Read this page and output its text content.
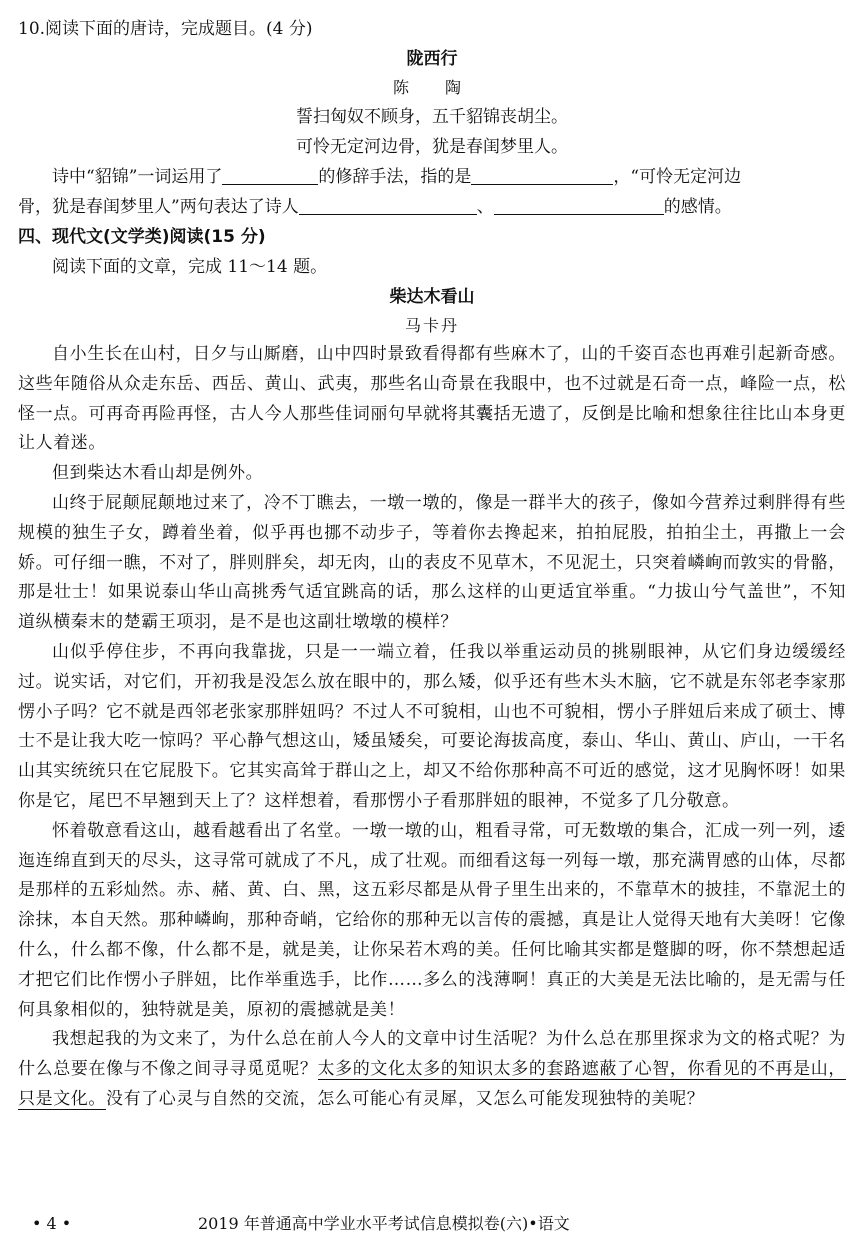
10.阅读下面的唐诗，完成题目。(4 分)
陇西行
陈　陶
誓扫匈奴不顾身，五千貂锦丧胡尘。
可怜无定河边骨，犹是春闺梦里人。
诗中“貂锦”一词运用了	的修辞手法，指的是	，“可怜无定河边
骨，犹是春闺梦里人”两句表达了诗人	、	的感情。
四、现代文(文学类)阅读(15 分)
阅读下面的文章，完成 11～14 题。
柴达木看山
马卡丹
自小生长在山村，日夕与山厮磨，山中四时景致看得都有些麻木了，山的千姿百态也再难引起新奇感。这些年随俗从众走东岳、西岳、黄山、武夷，那些名山奇景在我眼中，也不过就是石奇一点，峰险一点，松怪一点。可再奇再险再怪，古人今人那些佳词丽句早就将其囊括无遗了，反倒是比喻和想象往往比山本身更让人着迷。
但到柴达木看山却是例外。
山终于屁颠屁颠地过来了，冷不丁瞧去，一墩一墩的，像是一群半大的孩子，像如今营养过剩胖得有些规模的独生子女，蹲着坐着，似乎再也挪不动步子，等着你去搀起来，拍拍屁股，拍拍尘土，再撒上一会娇。可仔细一瞧，不对了，胖则胖矣，却无肉，山的表皮不见草木，不见泥土，只突着嶙峋而敦实的骨骼，那是壮士！如果说泰山华山高挑秀气适宜跳高的话，那么这样的山更适宜举重。“力拔山兮气盖世”，不知道纵横秦末的楚霸王项羽，是不是也这副壮墩墩的模样？
山似乎停住步，不再向我靠拢，只是一一端立着，任我以举重运动员的挑剔眼神，从它们身边缓缓经过。说实话，对它们，开初我是没怎么放在眼中的，那么矮，似乎还有些木头木脑，它不就是东邻老李家那愣小子吗？它不就是西邻老张家那胖妞吗？不过人不可貌相，山也不可貌相，愣小子胖妞后来成了硕士、博士不是让我大吃一惊吗？平心静气想这山，矮虽矮矣，可要论海拔高度，泰山、华山、黄山、庐山，一干名山其实统统只在它屁股下。它其实高耸于群山之上，却又不给你那种高不可近的感觉，这才见胸怀呀！如果你是它，尾巴不早翘到天上了？这样想着，看那愣小子看那胖妞的眼神，不觉多了几分敬意。
怀着敬意看这山，越看越看出了名堂。一墩一墩的山，粗看寻常，可无数墩的集合，汇成一列一列，逶迤连绵直到天的尽头，这寻常可就成了不凡，成了壮观。而细看这每一列每一墩，那充满胃感的山体，尽都是那样的五彩灿然。赤、赭、黄、白、黑，这五彩尽都是从骨子里生出来的，不靠草木的披挂，不靠泥土的涂抹，本自天然。那种嶙峋，那种奇峭，它给你的那种无以言传的震撼，真是让人觉得天地有大美呀！它像什么，什么都不像，什么都不是，就是美，让你呆若木鸡的美。任何比喻其实都是蹩脚的呀，你不禁想起适才把它们比作愣小子胖妞，比作举重选手，比作……多么的浅薄啊！真正的大美是无法比喻的，是无需与任何具象相似的，独特就是美，原初的震撼就是美！
我想起我的为文来了，为什么总在前人今人的文章中讨生活呢？为什么总在那里探求为文的格式呢？为什么总要在像与不像之间寻寻觅觅呢？太多的文化太多的知识太多的套路遮蔽了心智，你看见的不再是山，只是文化。没有了心灵与自然的交流，怎么可能心有灵犀，又怎么可能发现独特的美呢？
• 4 •	2019 年普通高中学业水平考试信息模拟卷(六)•语文
